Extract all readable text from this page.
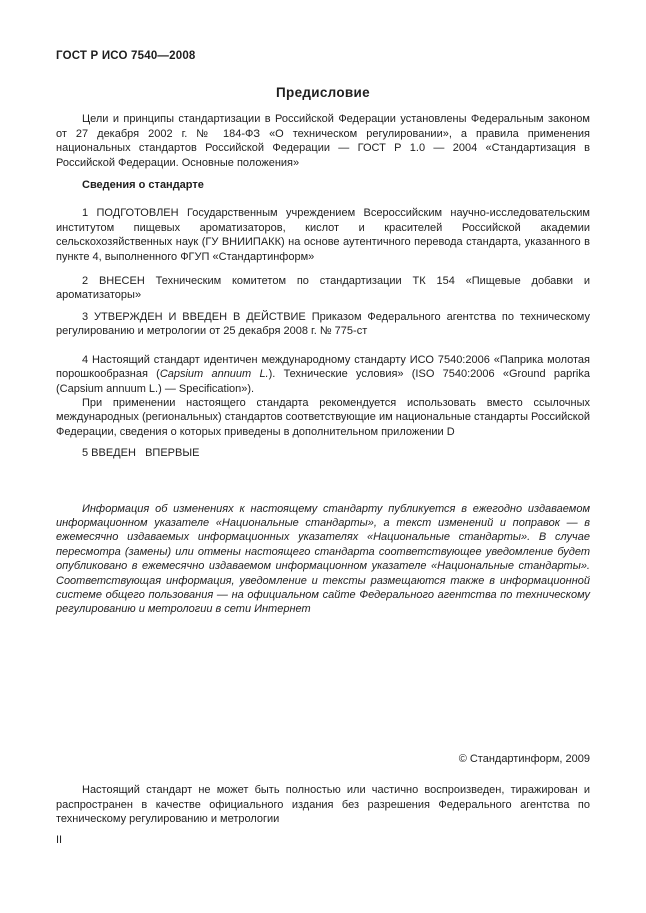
ГОСТ Р ИСО 7540—2008
Предисловие

Цели и принципы стандартизации в Российской Федерации установлены Федеральным законом от 27 декабря 2002 г. № 184-ФЗ «О техническом регулировании», а правила применения национальных стандартов Российской Федерации — ГОСТ Р 1.0 — 2004 «Стандартизация в Российской Федерации. Основные положения»

Сведения о стандарте

1 ПОДГОТОВЛЕН Государственным учреждением Всероссийским научно-исследовательским институтом пищевых ароматизаторов, кислот и красителей Российской академии сельскохозяйственных наук (ГУ ВНИИПАКК) на основе аутентичного перевода стандарта, указанного в пункте 4, выполненного ФГУП «Стандартинформ»

2 ВНЕСЕН Техническим комитетом по стандартизации ТК 154 «Пищевые добавки и ароматизаторы»

3 УТВЕРЖДЕН И ВВЕДЕН В ДЕЙСТВИЕ Приказом Федерального агентства по техническому регулированию и метрологии от 25 декабря 2008 г. № 775-ст

4 Настоящий стандарт идентичен международному стандарту ИСО 7540:2006 «Паприка молотая порошкообразная (Capsium annuum L.). Технические условия» (ISO 7540:2006 «Ground paprika (Capsium annuum L.) — Specification»).

При применении настоящего стандарта рекомендуется использовать вместо ссылочных международных (региональных) стандартов соответствующие им национальные стандарты Российской Федерации, сведения о которых приведены в дополнительном приложении D

5 ВВЕДЕН   ВПЕРВЫЕ

Информация об изменениях к настоящему стандарту публикуется в ежегодно издаваемом информационном указателе «Национальные стандарты», а текст изменений и поправок — в ежемесячно издаваемых информационных указателях «Национальные стандарты». В случае пересмотра (замены) или отмены настоящего стандарта соответствующее уведомление будет опубликовано в ежемесячно издаваемом информационном указателе «Национальные стандарты». Соответствующая информация, уведомление и тексты размещаются также в информационной системе общего пользования — на официальном сайте Федерального агентства по техническому регулированию и метрологии в сети Интернет

© Стандартинформ, 2009

Настоящий стандарт не может быть полностью или частично воспроизведен, тиражирован и распространен в качестве официального издания без разрешения Федерального агентства по техническому регулированию и метрологии

II
